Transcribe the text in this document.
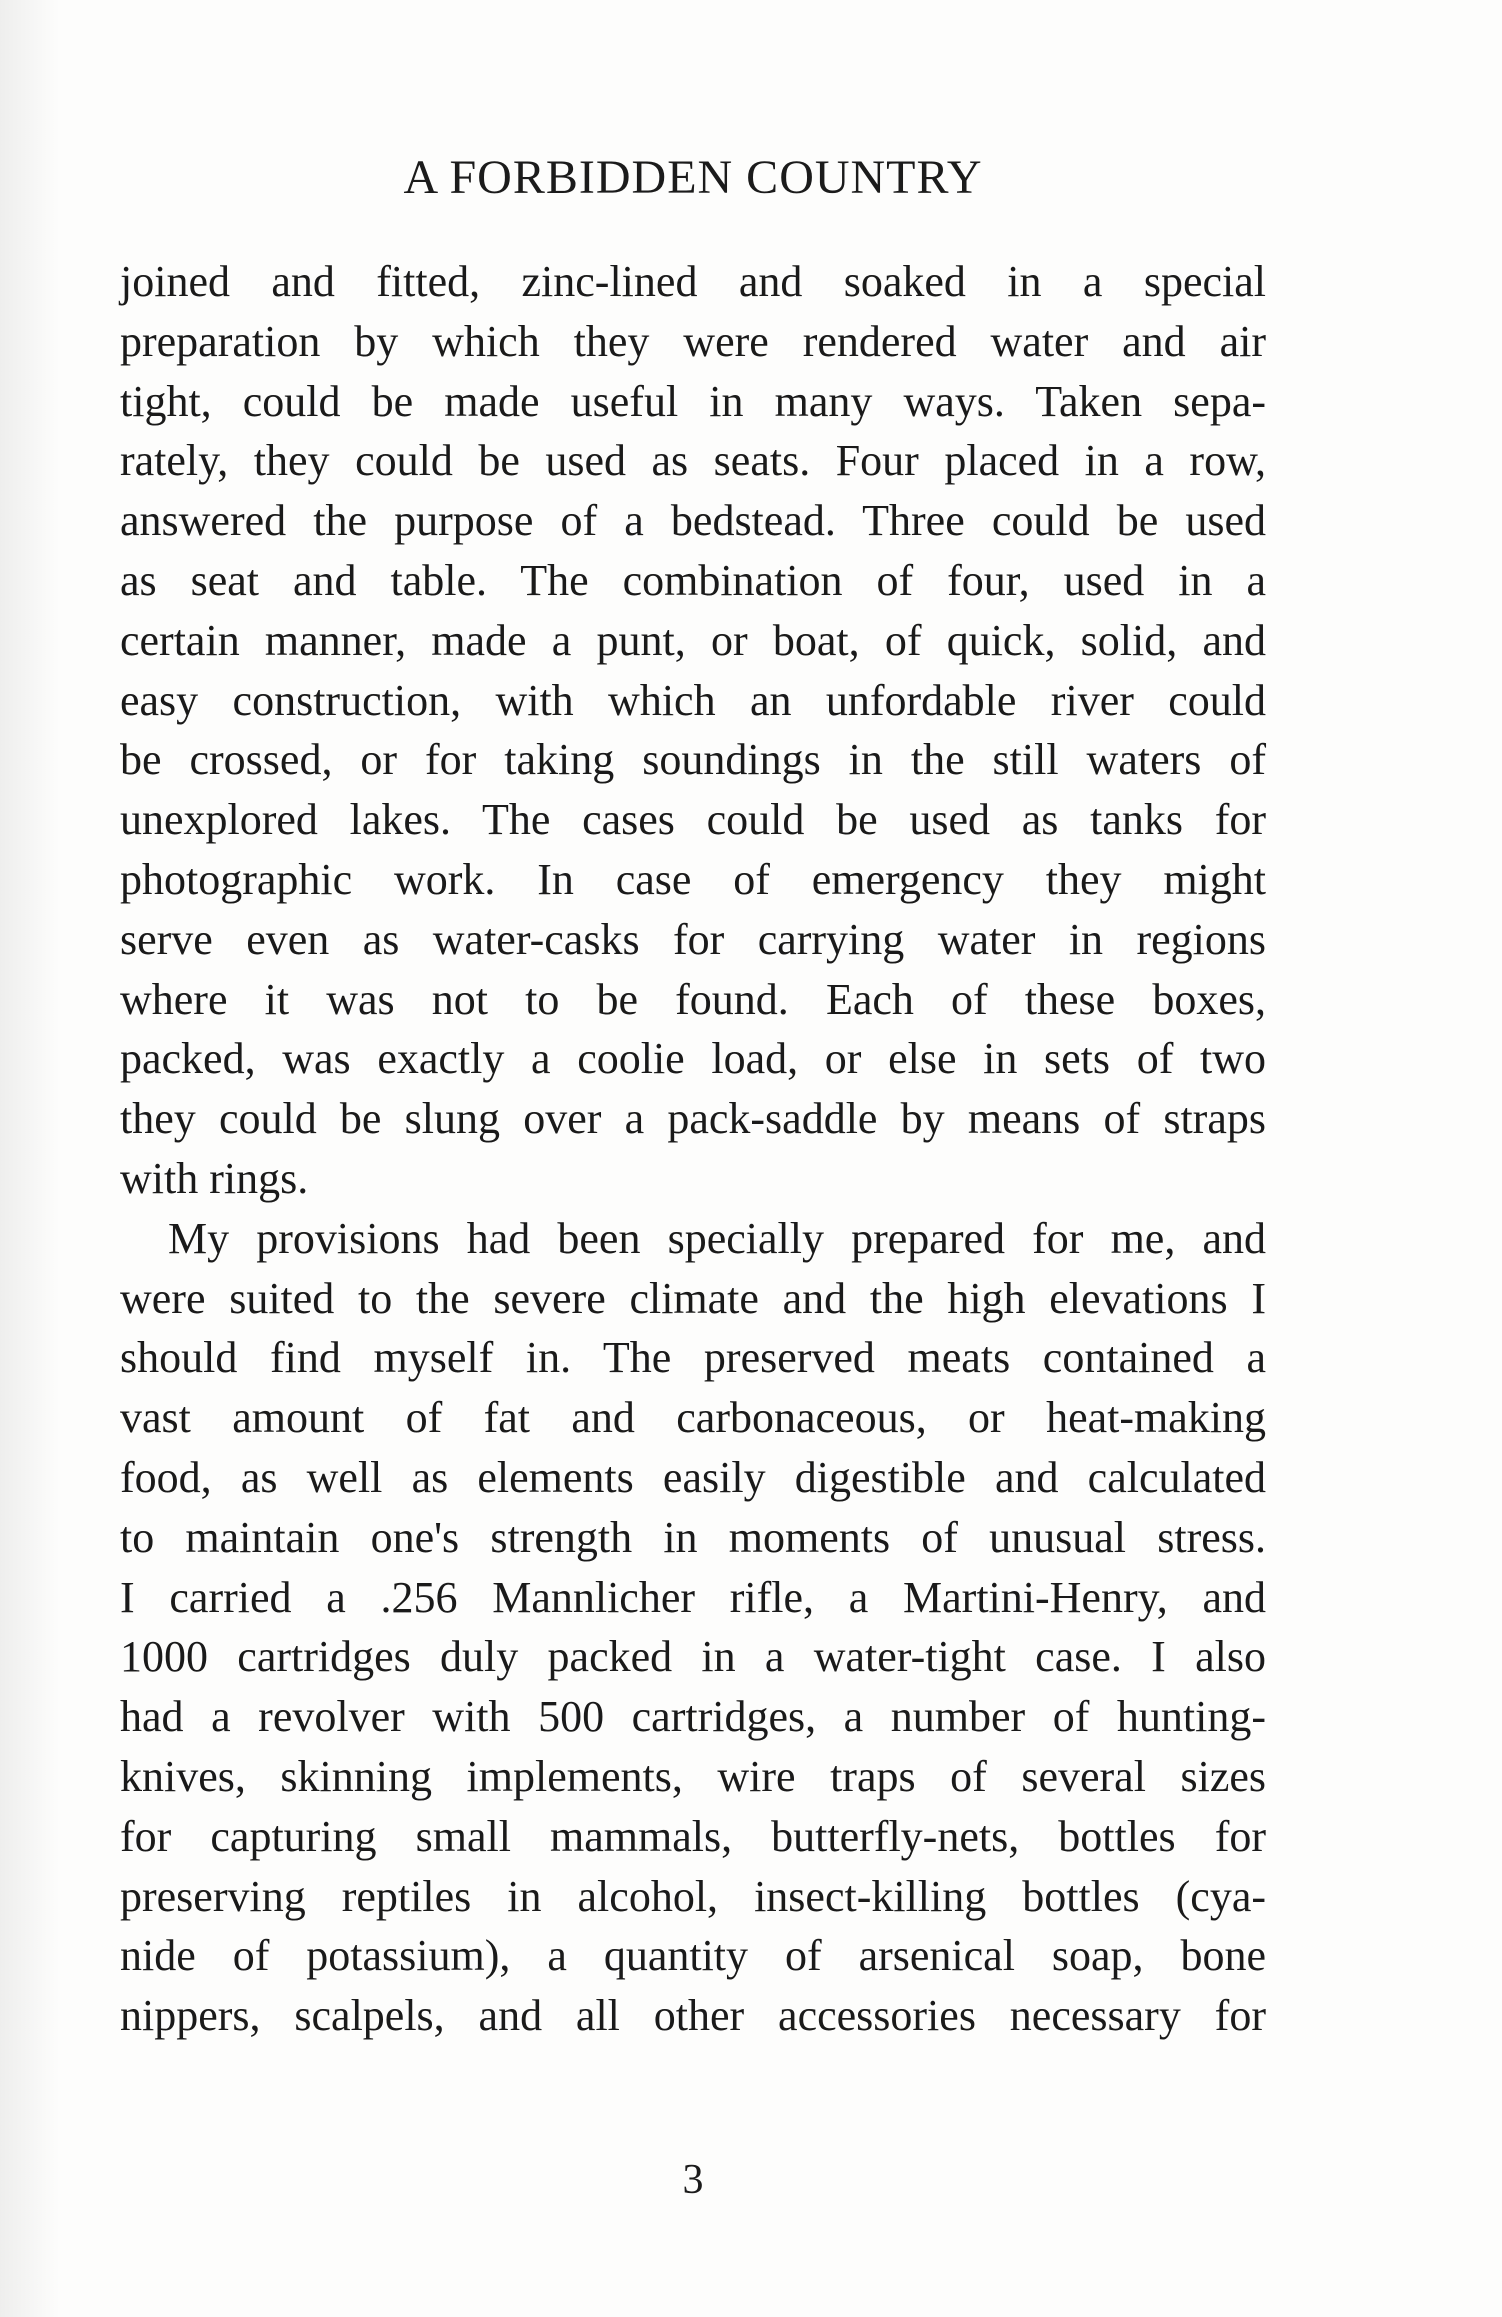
A FORBIDDEN COUNTRY
joined and fitted, zinc-lined and soaked in a special
preparation by which they were rendered water and air
tight, could be made useful in many ways. Taken sepa-
rately, they could be used as seats. Four placed in a row,
answered the purpose of a bedstead. Three could be used
as seat and table. The combination of four, used in a
certain manner, made a punt, or boat, of quick, solid, and
easy construction, with which an unfordable river could
be crossed, or for taking soundings in the still waters of
unexplored lakes. The cases could be used as tanks for
photographic work. In case of emergency they might
serve even as water-casks for carrying water in regions
where it was not to be found. Each of these boxes,
packed, was exactly a coolie load, or else in sets of two
they could be slung over a pack-saddle by means of straps
with rings.
My provisions had been specially prepared for me, and
were suited to the severe climate and the high elevations I
should find myself in. The preserved meats contained a
vast amount of fat and carbonaceous, or heat-making
food, as well as elements easily digestible and calculated
to maintain one's strength in moments of unusual stress.
I carried a .256 Mannlicher rifle, a Martini-Henry, and
1000 cartridges duly packed in a water-tight case. I also
had a revolver with 500 cartridges, a number of hunting-
knives, skinning implements, wire traps of several sizes
for capturing small mammals, butterfly-nets, bottles for
preserving reptiles in alcohol, insect-killing bottles (cya-
nide of potassium), a quantity of arsenical soap, bone
nippers, scalpels, and all other accessories necessary for
3
